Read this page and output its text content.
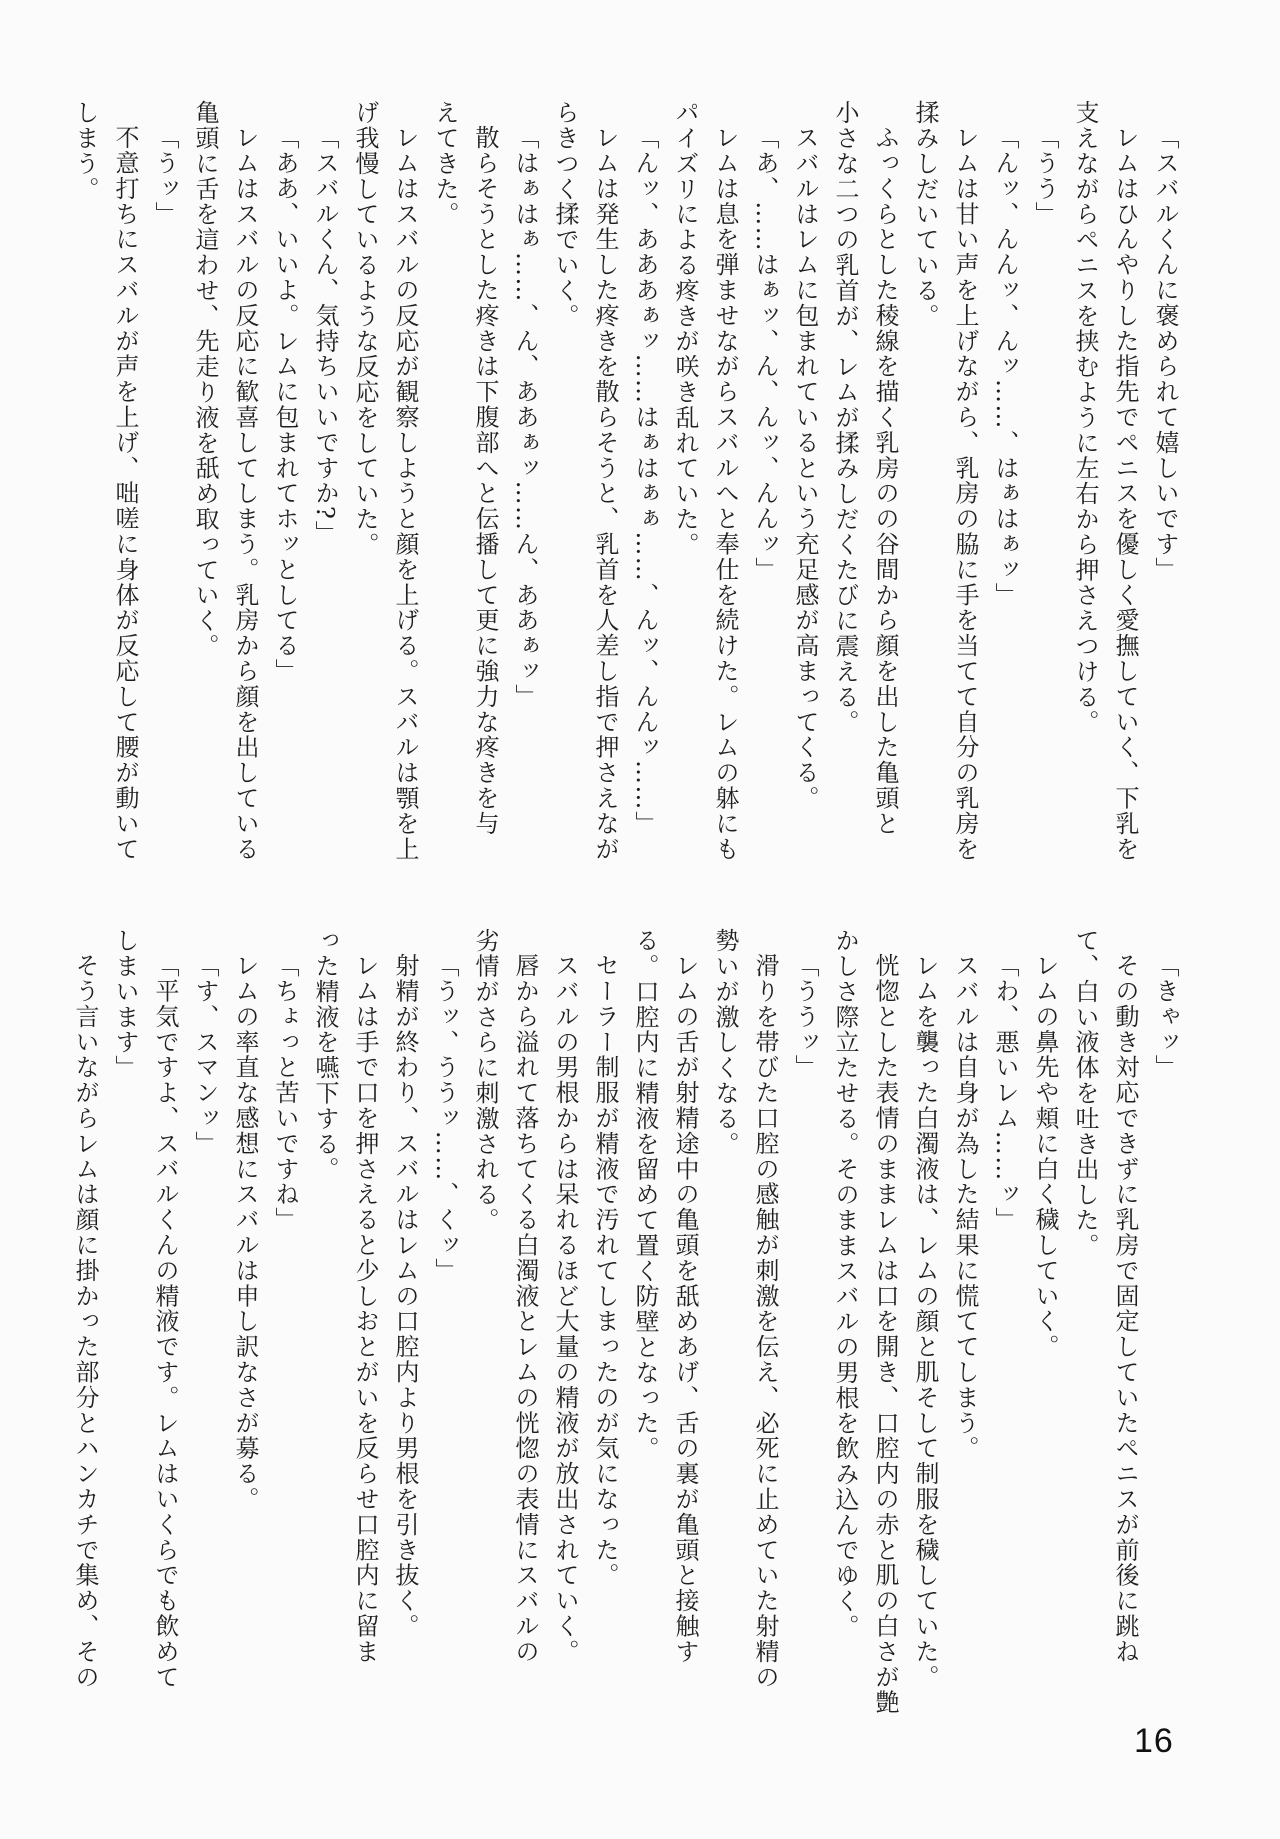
「スバルくんに褒められて嬉しいです」
レムはひんやりした指先でペニスを優しく愛撫していく、下乳を
支えながらペニスを挟むように左右から押さえつける。
「うう」
「んッ、んんッ、んッ……、はぁはぁッ」
レムは甘い声を上げながら、乳房の脇に手を当てて自分の乳房を
揉みしだいている。
ふっくらとした稜線を描く乳房のの谷間から顔を出した亀頭と
小さな二つの乳首が、レムが揉みしだくたびに震える。
スバルはレムに包まれているという充足感が高まってくる。
「あ、……はぁッ、ん、んッ、んんッ」
レムは息を弾ませながらスバルへと奉仕を続けた。レムの躰にも
パイズリによる疼きが咲き乱れていた。
「んッ、あああぁッ……はぁはぁぁ……、んッ、んんッ……」
レムは発生した疼きを散らそうと、乳首を人差し指で押さえなが
らきつく揉でいく。
「はぁはぁ……、ん、ああぁッ……ん、ああぁッ」
散らそうとした疼きは下腹部へと伝播して更に強力な疼きを与
えてきた。
レムはスバルの反応が観察しようと顔を上げる。スバルは顎を上
げ我慢しているような反応をしていた。
「スバルくん、気持ちいいですか?」
「ああ、いいよ。レムに包まれてホッとしてる」
レムはスバルの反応に歓喜してしまう。乳房から顔を出している
亀頭に舌を這わせ、先走り液を舐め取っていく。
「うッ」
不意打ちにスバルが声を上げ、咄嗟に身体が反応して腰が動いて
しまう。
「きゃッ」
その動き対応できずに乳房で固定していたペニスが前後に跳ね
て、白い液体を吐き出した。
レムの鼻先や頬に白く穢していく。
「わ、悪いレム……ッ」
スバルは自身が為した結果に慌ててしまう。
レムを襲った白濁液は、レムの顔と肌そして制服を穢していた。
恍惚とした表情のままレムは口を開き、口腔内の赤と肌の白さが艶
かしさ際立たせる。そのままスバルの男根を飲み込んでゆく。
「ううッ」
滑りを帯びた口腔の感触が刺激を伝え、必死に止めていた射精の
勢いが激しくなる。
レムの舌が射精途中の亀頭を舐めあげ、舌の裏が亀頭と接触す
る。口腔内に精液を留めて置く防壁となった。
セーラー制服が精液で汚れてしまったのが気になった。
スバルの男根からは呆れるほど大量の精液が放出されていく。
唇から溢れて落ちてくる白濁液とレムの恍惚の表情にスバルの
劣情がさらに刺激される。
「うッ、ううッ……、くッ」
射精が終わり、スバルはレムの口腔内より男根を引き抜く。
レムは手で口を押さえると少しおとがいを反らせ口腔内に留ま
った精液を嚥下する。
「ちょっと苦いですね」
レムの率直な感想にスバルは申し訳なさが募る。
「す、スマンッ」
「平気ですよ、スバルくんの精液です。レムはいくらでも飲めて
しまいます」
そう言いながらレムは顔に掛かった部分とハンカチで集め、その
16
